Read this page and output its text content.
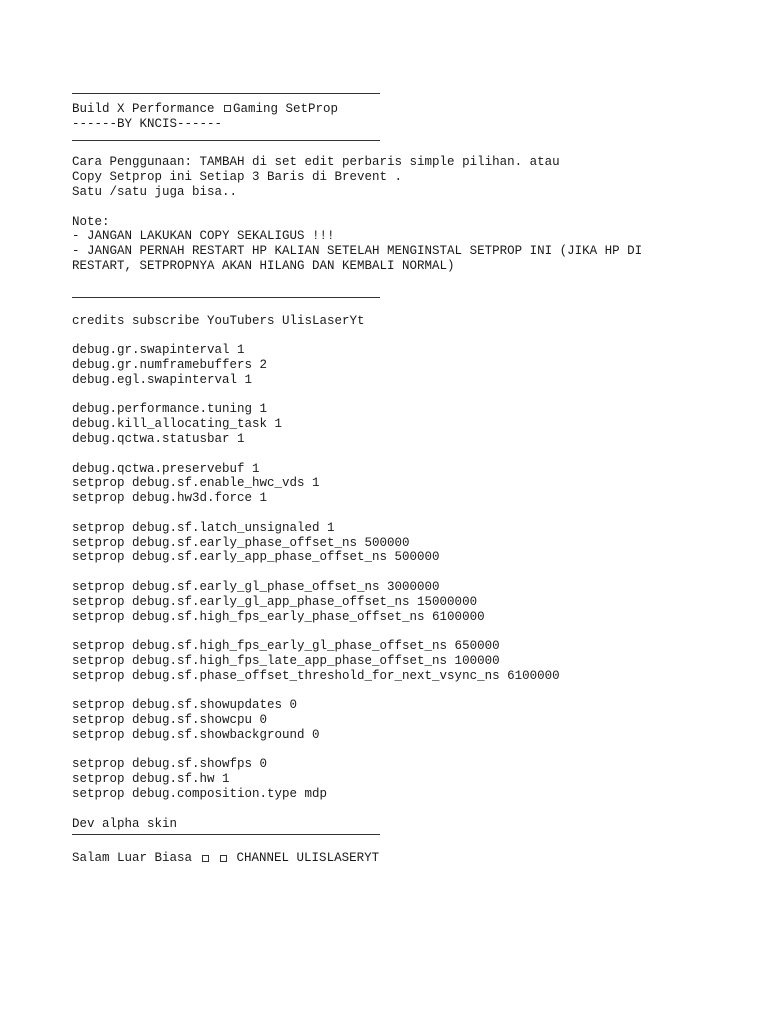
Build X Performance Gaming SetProp
------BY KNCIS------
Cara Penggunaan: TAMBAH di set edit perbaris simple pilihan. atau
Copy Setprop ini Setiap 3 Baris di Brevent .
Satu /satu juga bisa..
Note:
- JANGAN LAKUKAN COPY SEKALIGUS !!!
- JANGAN PERNAH RESTART HP KALIAN SETELAH MENGINSTAL SETPROP INI (JIKA HP DI
RESTART, SETPROPNYA AKAN HILANG DAN KEMBALI NORMAL)
credits subscribe YouTubers UlisLaserYt
debug.gr.swapinterval 1
debug.gr.numframebuffers 2
debug.egl.swapinterval 1
debug.performance.tuning 1
debug.kill_allocating_task 1
debug.qctwa.statusbar 1
debug.qctwa.preservebuf 1
setprop debug.sf.enable_hwc_vds 1
setprop debug.hw3d.force 1
setprop debug.sf.latch_unsignaled 1
setprop debug.sf.early_phase_offset_ns 500000
setprop debug.sf.early_app_phase_offset_ns 500000
setprop debug.sf.early_gl_phase_offset_ns 3000000
setprop debug.sf.early_gl_app_phase_offset_ns 15000000
setprop debug.sf.high_fps_early_phase_offset_ns 6100000
setprop debug.sf.high_fps_early_gl_phase_offset_ns 650000
setprop debug.sf.high_fps_late_app_phase_offset_ns 100000
setprop debug.sf.phase_offset_threshold_for_next_vsync_ns 6100000
setprop debug.sf.showupdates 0
setprop debug.sf.showcpu 0
setprop debug.sf.showbackground 0
setprop debug.sf.showfps 0
setprop debug.sf.hw 1
setprop debug.composition.type mdp
Dev alpha skin
Salam Luar Biasa   CHANNEL ULISLASERYT
